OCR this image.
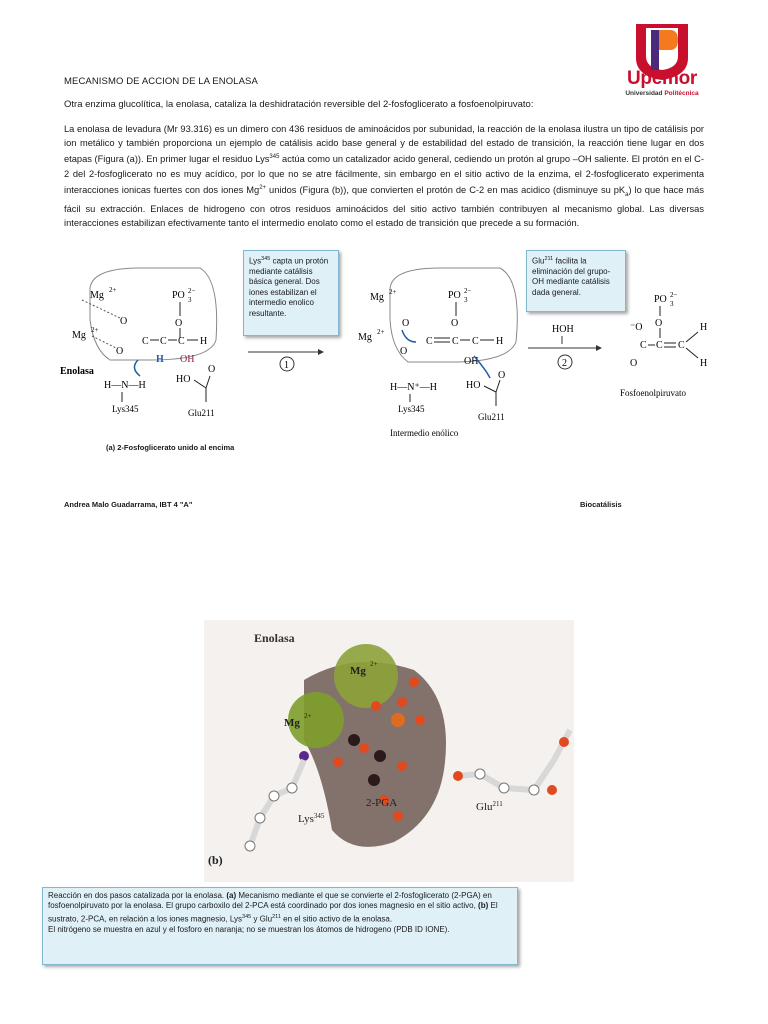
Upemor
Universidad Politécnica
MECANISMO DE ACCION DE LA ENOLASA
Otra enzima glucolítica, la enolasa, cataliza la deshidratación reversible del 2-fosfoglicerato a fosfoenolpiruvato:
La enolasa de levadura (Mr 93.316) es un dimero con 436 residuos de aminoácidos por subunidad, la reacción de la enolasa ilustra un tipo de catálisis por ion metálico y también proporciona un ejemplo de catálisis acido base general y de estabilidad del estado de transición, la reacción tiene lugar en dos etapas (Figura (a)). En primer lugar el residuo Lys$^{345}$ actúa como un catalizador acido general, cediendo un protón al grupo –OH saliente. El protón en el C-2 del 2-fosfoglicerato no es muy acídico, por lo que no se atre fácilmente, sin embargo en el sitio activo de la enzima, el 2-fosfoglicerato experimenta interacciones ionicas fuertes con dos iones $Mg^{2+}$ unidos (Figura (b)), que convierten el protón de C-2 en mas acidico (disminuye su $pK_a$) lo que hace más fácil su extracción. Enlaces de hidrogeno con otros residuos aminoácidos del sitio activo también contribuyen al mecanismo global. Las diversas interacciones estabilizan efectivamente tanto el intermedio enolato como el estado de transición que precede a su formación.
Mg 2+
Mg 2+
PO 3
2−
O
O
O
C C C H
OH
H
Enolasa
H—N—H
Lys345
HO
O
Glu211
1
Mg 2+
Mg 2+
PO 3
2−
O
O
O
C C C H
OH
H—N⁺—H
Lys345
HO
O
Glu211
Intermedio enólico
HOH
2
PO 3
2−
O
C C
H
H
⁻O
O
C
Fosfoenolpiruvato
Lys$^{345}$ capta un protón mediante catálisis básica general. Dos iones estabilizan el intermedio enolico resultante.
Glu$^{211}$ facilita la eliminación del grupo-OH mediante catálisis dada general.
(a) 2-Fosfoglicerato unido al encima
Andrea Malo Guadarrama, IBT 4 "A"	Biocatálisis
Enolasa
Mg
2+
Mg
2+
2-PGA
Lys$^{345}$
Glu$^{211}$
(b)
Reacción en dos pasos catalizada por la enolasa. (a) Mecanismo mediante el que se convierte el 2-fosfoglicerato (2-PGA) en fosfoenolpiruvato por la enolasa. El grupo carboxilo del 2-PCA está coordinado por dos iones magnesio en el sitio activo, (b) El sustrato, 2-PCA, en relación a los iones magnesio, Lys$^{345}$ y Glu$^{211}$ en el sitio activo de la enolasa.
El nitrógeno se muestra en azul y el fosforo en naranja; no se muestran los átomos de hidrogeno (PDB ID IONE).
